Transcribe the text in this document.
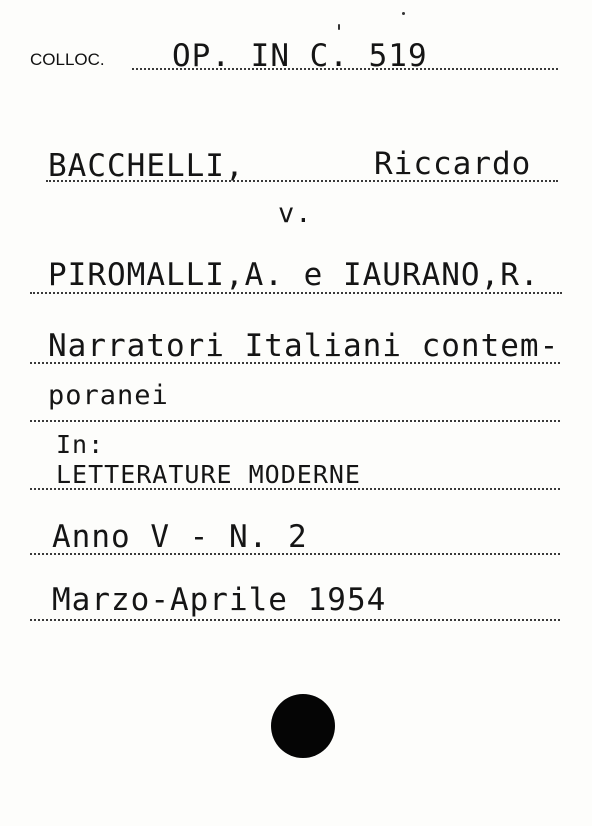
COLLOC. OP. IN C. 519
BACCHELLI,	Riccardo
v.
PIROMALLI,A. e IAURANO,R.
Narratori Italiani contem-
poranei
In:
LETTERATURE MODERNE
Anno V - N. 2
Marzo-Aprile 1954
